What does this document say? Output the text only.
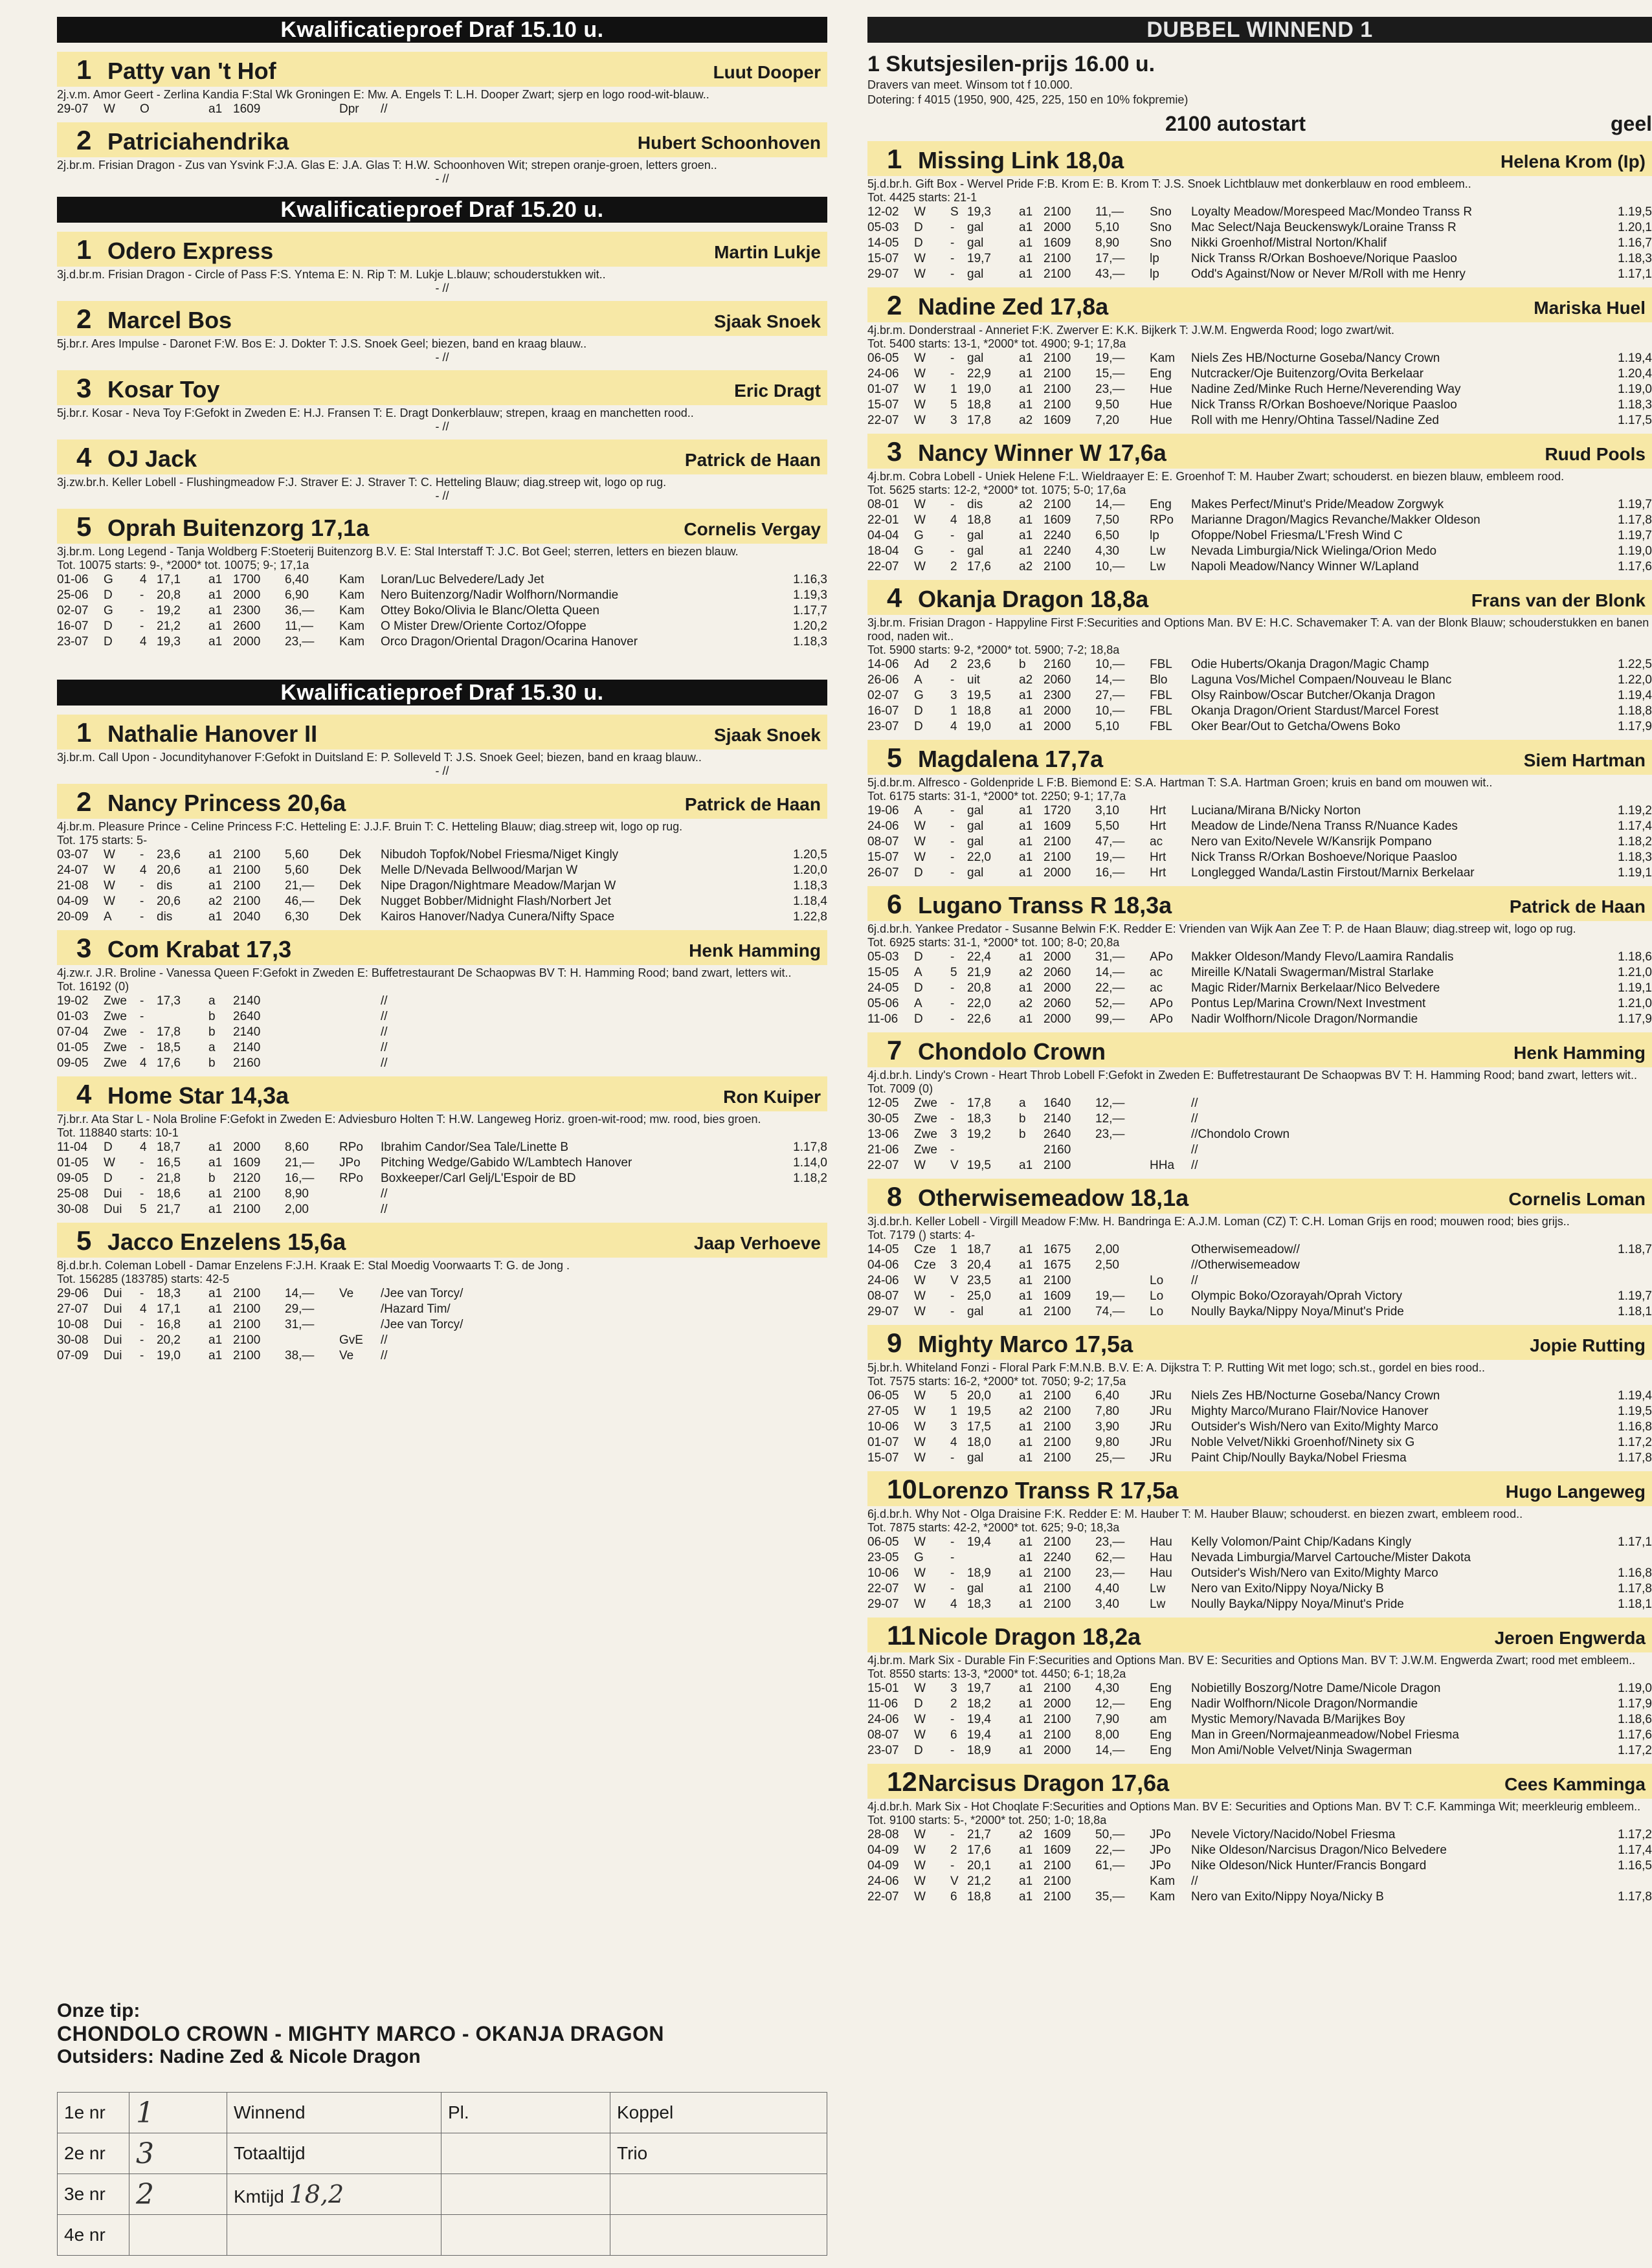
Kwalificatieproef Draf 15.10 u.
1 Patty van 't Hof	Luut Dooper
2j.v.m. Amor Geert - Zerlina Kandia F:Stal Wk Groningen E: Mw. A. Engels T: L.H. Dooper Zwart; sjerp en logo rood-wit-blauw..
29-07	W	O		a1	1609		Dpr	//	
2 Patriciahendrika	Hubert Schoonhoven
2j.br.m. Frisian Dragon - Zus van Ysvink F:J.A. Glas E: J.A. Glas T: H.W. Schoonhoven Wit; strepen oranje-groen, letters groen..
- //
Kwalificatieproef Draf 15.20 u.
1 Odero Express	Martin Lukje
3j.d.br.m. Frisian Dragon - Circle of Pass F:S. Yntema E: N. Rip T: M. Lukje L.blauw; schouderstukken wit..
- //
2 Marcel Bos	Sjaak Snoek
5j.br.r. Ares Impulse - Daronet F:W. Bos E: J. Dokter T: J.S. Snoek Geel; biezen, band en kraag blauw..
- //
3 Kosar Toy	Eric Dragt
5j.br.r. Kosar - Neva Toy F:Gefokt in Zweden E: H.J. Fransen T: E. Dragt Donkerblauw; strepen, kraag en manchetten rood..
- //
4 OJ Jack	Patrick de Haan
3j.zw.br.h. Keller Lobell - Flushingmeadow F:J. Straver E: J. Straver T: C. Hetteling Blauw; diag.streep wit, logo op rug.
- //
5 Oprah Buitenzorg 17,1a	Cornelis Vergay
3j.br.m. Long Legend - Tanja Woldberg F:Stoeterij Buitenzorg B.V. E: Stal Interstaff T: J.C. Bot Geel; sterren, letters en biezen blauw.
Tot. 10075 starts: 9-, *2000* tot. 10075; 9-; 17,1a
01-06	G	4	17,1	a1	1700	6,40	Kam	Loran/Luc Belvedere/Lady Jet	1.16,3
25-06	D	-	20,8	a1	2000	6,90	Kam	Nero Buitenzorg/Nadir Wolfhorn/Normandie	1.19,3
02-07	G	-	19,2	a1	2300	36,—	Kam	Ottey Boko/Olivia le Blanc/Oletta Queen	1.17,7
16-07	D	-	21,2	a1	2600	11,—	Kam	O Mister Drew/Oriente Cortoz/Ofoppe	1.20,2
23-07	D	4	19,3	a1	2000	23,—	Kam	Orco Dragon/Oriental Dragon/Ocarina Hanover	1.18,3
Kwalificatieproef Draf 15.30 u.
1 Nathalie Hanover II	Sjaak Snoek
3j.br.m. Call Upon - Jocundityhanover F:Gefokt in Duitsland E: P. Solleveld T: J.S. Snoek Geel; biezen, band en kraag blauw..
- //
2 Nancy Princess 20,6a	Patrick de Haan
4j.br.m. Pleasure Prince - Celine Princess F:C. Hetteling E: J.J.F. Bruin T: C. Hetteling Blauw; diag.streep wit, logo op rug.
Tot. 175 starts: 5-
03-07	W	-	23,6	a1	2100	5,60	Dek	Nibudoh Topfok/Nobel Friesma/Niget Kingly	1.20,5
24-07	W	4	20,6	a1	2100	5,60	Dek	Melle D/Nevada Bellwood/Marjan W	1.20,0
21-08	W	-	dis	a1	2100	21,—	Dek	Nipe Dragon/Nightmare Meadow/Marjan W	1.18,3
04-09	W	-	20,6	a2	2100	46,—	Dek	Nugget Bobber/Midnight Flash/Norbert Jet	1.18,4
20-09	A	-	dis	a1	2040	6,30	Dek	Kairos Hanover/Nadya Cunera/Nifty Space	1.22,8
3 Com Krabat 17,3	Henk Hamming
4j.zw.r. J.R. Broline - Vanessa Queen F:Gefokt in Zweden E: Buffetrestaurant De Schaopwas BV T: H. Hamming Rood; band zwart, letters wit..
Tot. 16192 (0)
19-02	Zwe	-	17,3	a	2140			//	
01-03	Zwe	-		b	2640			//	
07-04	Zwe	-	17,8	b	2140			//	
01-05	Zwe	-	18,5	a	2140			//	
09-05	Zwe	4	17,6	b	2160			//	
4 Home Star 14,3a	Ron Kuiper
7j.br.r. Ata Star L - Nola Broline F:Gefokt in Zweden E: Adviesburo Holten T: H.W. Langeweg Horiz. groen-wit-rood; mw. rood, bies groen.
Tot. 118840 starts: 10-1
11-04	D	4	18,7	a1	2000	8,60	RPo	Ibrahim Candor/Sea Tale/Linette B	1.17,8
01-05	W	-	16,5	a1	1609	21,—	JPo	Pitching Wedge/Gabido W/Lambtech Hanover	1.14,0
09-05	D	-	21,8	b	2120	16,—	RPo	Boxkeeper/Carl Gelj/L'Espoir de BD	1.18,2
25-08	Dui	-	18,6	a1	2100	8,90		//	
30-08	Dui	5	21,7	a1	2100	2,00		//	
5 Jacco Enzelens 15,6a	Jaap Verhoeve
8j.d.br.h. Coleman Lobell - Damar Enzelens F:J.H. Kraak E: Stal Moedig Voorwaarts T: G. de Jong .
Tot. 156285 (183785) starts: 42-5
29-06	Dui	-	18,3	a1	2100	14,—	Ve	/Jee van Torcy/	
27-07	Dui	4	17,1	a1	2100	29,—		/Hazard Tim/	
10-08	Dui	-	16,8	a1	2100	31,—		/Jee van Torcy/	
30-08	Dui	-	20,2	a1	2100		GvE	//	
07-09	Dui	-	19,0	a1	2100	38,—	Ve	//	
DUBBEL WINNEND 1
1 Skutsjesilen-prijs 16.00 u.
Dravers van meet. Winsom tot f 10.000.
Dotering: f 4015 (1950, 900, 425, 225, 150 en 10% fokpremie)
2100 autostart	geel
1 Missing Link 18,0a	Helena Krom (Ip)
5j.d.br.h. Gift Box - Wervel Pride F:B. Krom E: B. Krom T: J.S. Snoek Lichtblauw met donkerblauw en rood embleem..
Tot. 4425 starts: 21-1
12-02	W	S	19,3	a1	2100	11,—	Sno	Loyalty Meadow/Morespeed Mac/Mondeo Transs R	1.19,5
05-03	D	-	gal	a1	2000	5,10	Sno	Mac Select/Naja Beuckenswyk/Loraine Transs R	1.20,1
14-05	D	-	gal	a1	1609	8,90	Sno	Nikki Groenhof/Mistral Norton/Khalif	1.16,7
15-07	W	-	19,7	a1	2100	17,—	lp	Nick Transs R/Orkan Boshoeve/Norique Paasloo	1.18,3
29-07	W	-	gal	a1	2100	43,—	lp	Odd's Against/Now or Never M/Roll with me Henry	1.17,1
2 Nadine Zed 17,8a	Mariska Huel
4j.br.m. Donderstraal - Anneriet F:K. Zwerver E: K.K. Bijkerk T: J.W.M. Engwerda Rood; logo zwart/wit.
Tot. 5400 starts: 13-1, *2000* tot. 4900; 9-1; 17,8a
06-05	W	-	gal	a1	2100	19,—	Kam	Niels Zes HB/Nocturne Goseba/Nancy Crown	1.19,4
24-06	W	-	22,9	a1	2100	15,—	Eng	Nutcracker/Oje Buitenzorg/Ovita Berkelaar	1.20,4
01-07	W	1	19,0	a1	2100	23,—	Hue	Nadine Zed/Minke Ruch Herne/Neverending Way	1.19,0
15-07	W	5	18,8	a1	2100	9,50	Hue	Nick Transs R/Orkan Boshoeve/Norique Paasloo	1.18,3
22-07	W	3	17,8	a2	1609	7,20	Hue	Roll with me Henry/Ohtina Tassel/Nadine Zed	1.17,5
3 Nancy Winner W 17,6a	Ruud Pools
4j.br.m. Cobra Lobell - Uniek Helene F:L. Wieldraayer E: E. Groenhof T: M. Hauber Zwart; schouderst. en biezen blauw, embleem rood.
Tot. 5625 starts: 12-2, *2000* tot. 1075; 5-0; 17,6a
08-01	W	-	dis	a2	2100	14,—	Eng	Makes Perfect/Minut's Pride/Meadow Zorgwyk	1.19,7
22-01	W	4	18,8	a1	1609	7,50	RPo	Marianne Dragon/Magics Revanche/Makker Oldeson	1.17,8
04-04	G	-	gal	a1	2240	6,50	lp	Ofoppe/Nobel Friesma/L'Fresh Wind C	1.19,7
18-04	G	-	gal	a1	2240	4,30	Lw	Nevada Limburgia/Nick Wielinga/Orion Medo	1.19,0
22-07	W	2	17,6	a2	2100	10,—	Lw	Napoli Meadow/Nancy Winner W/Lapland	1.17,6
4 Okanja Dragon 18,8a	Frans van der Blonk
3j.br.m. Frisian Dragon - Happyline First F:Securities and Options Man. BV E: H.C. Schavemaker T: A. van der Blonk Blauw; schouderstukken en banen rood, naden wit..
Tot. 5900 starts: 9-2, *2000* tot. 5900; 7-2; 18,8a
14-06	Ad	2	23,6	b	2160	10,—	FBL	Odie Huberts/Okanja Dragon/Magic Champ	1.22,5
26-06	A	-	uit	a2	2060	14,—	Blo	Laguna Vos/Michel Compaen/Nouveau le Blanc	1.22,0
02-07	G	3	19,5	a1	2300	27,—	FBL	Olsy Rainbow/Oscar Butcher/Okanja Dragon	1.19,4
16-07	D	1	18,8	a1	2000	10,—	FBL	Okanja Dragon/Orient Stardust/Marcel Forest	1.18,8
23-07	D	4	19,0	a1	2000	5,10	FBL	Oker Bear/Out to Getcha/Owens Boko	1.17,9
5 Magdalena 17,7a	Siem Hartman
5j.d.br.m. Alfresco - Goldenpride L F:B. Biemond E: S.A. Hartman T: S.A. Hartman Groen; kruis en band om mouwen wit..
Tot. 6175 starts: 31-1, *2000* tot. 2250; 9-1; 17,7a
19-06	A	-	gal	a1	1720	3,10	Hrt	Luciana/Mirana B/Nicky Norton	1.19,2
24-06	W	-	gal	a1	1609	5,50	Hrt	Meadow de Linde/Nena Transs R/Nuance Kades	1.17,4
08-07	W	-	gal	a1	2100	47,—	ac	Nero van Exito/Nevele W/Kansrijk Pompano	1.18,2
15-07	W	-	22,0	a1	2100	19,—	Hrt	Nick Transs R/Orkan Boshoeve/Norique Paasloo	1.18,3
26-07	D	-	gal	a1	2000	16,—	Hrt	Longlegged Wanda/Lastin Firstout/Marnix Berkelaar	1.19,1
6 Lugano Transs R 18,3a	Patrick de Haan
6j.d.br.h. Yankee Predator - Susanne Belwin F:K. Redder E: Vrienden van Wijk Aan Zee T: P. de Haan Blauw; diag.streep wit, logo op rug.
Tot. 6925 starts: 31-1, *2000* tot. 100; 8-0; 20,8a
05-03	D	-	22,4	a1	2000	31,—	APo	Makker Oldeson/Mandy Flevo/Laamira Randalis	1.18,6
15-05	A	5	21,9	a2	2060	14,—	ac	Mireille K/Natali Swagerman/Mistral Starlake	1.21,0
24-05	D	-	20,8	a1	2000	22,—	ac	Magic Rider/Marnix Berkelaar/Nico Belvedere	1.19,1
05-06	A	-	22,0	a2	2060	52,—	APo	Pontus Lep/Marina Crown/Next Investment	1.21,0
11-06	D	-	22,6	a1	2000	99,—	APo	Nadir Wolfhorn/Nicole Dragon/Normandie	1.17,9
7 Chondolo Crown	Henk Hamming
4j.d.br.h. Lindy's Crown - Heart Throb Lobell F:Gefokt in Zweden E: Buffetrestaurant De Schaopwas BV T: H. Hamming Rood; band zwart, letters wit..
Tot. 7009 (0)
12-05	Zwe	-	17,8	a	1640	12,—		//	
30-05	Zwe	-	18,3	b	2140	12,—		//	
13-06	Zwe	3	19,2	b	2640	23,—		//Chondolo Crown	
21-06	Zwe	-			2160			//	
22-07	W	V	19,5	a1	2100		HHa	//	
8 Otherwisemeadow 18,1a	Cornelis Loman
3j.d.br.h. Keller Lobell - Virgill Meadow F:Mw. H. Bandringa E: A.J.M. Loman (CZ) T: C.H. Loman Grijs en rood; mouwen rood; bies grijs..
Tot. 7179 () starts: 4-
14-05	Cze	1	18,7	a1	1675	2,00		Otherwisemeadow//	1.18,7
04-06	Cze	3	20,4	a1	1675	2,50		//Otherwisemeadow	
24-06	W	V	23,5	a1	2100		Lo	//	
08-07	W	-	25,0	a1	1609	19,—	Lo	Olympic Boko/Ozorayah/Oprah Victory	1.19,7
29-07	W	-	gal	a1	2100	74,—	Lo	Noully Bayka/Nippy Noya/Minut's Pride	1.18,1
9 Mighty Marco 17,5a	Jopie Rutting
5j.br.h. Whiteland Fonzi - Floral Park F:M.N.B. B.V. E: A. Dijkstra T: P. Rutting Wit met logo; sch.st., gordel en bies rood..
Tot. 7575 starts: 16-2, *2000* tot. 7050; 9-2; 17,5a
06-05	W	5	20,0	a1	2100	6,40	JRu	Niels Zes HB/Nocturne Goseba/Nancy Crown	1.19,4
27-05	W	1	19,5	a2	2100	7,80	JRu	Mighty Marco/Murano Flair/Novice Hanover	1.19,5
10-06	W	3	17,5	a1	2100	3,90	JRu	Outsider's Wish/Nero van Exito/Mighty Marco	1.16,8
01-07	W	4	18,0	a1	2100	9,80	JRu	Noble Velvet/Nikki Groenhof/Ninety six G	1.17,2
15-07	W	-	gal	a1	2100	25,—	JRu	Paint Chip/Noully Bayka/Nobel Friesma	1.17,8
10 Lorenzo Transs R 17,5a	Hugo Langeweg
6j.d.br.h. Why Not - Olga Draisine F:K. Redder E: M. Hauber T: M. Hauber Blauw; schouderst. en biezen zwart, embleem rood..
Tot. 7875 starts: 42-2, *2000* tot. 625; 9-0; 18,3a
06-05	W	-	19,4	a1	2100	23,—	Hau	Kelly Volomon/Paint Chip/Kadans Kingly	1.17,1
23-05	G	-		a1	2240	62,—	Hau	Nevada Limburgia/Marvel Cartouche/Mister Dakota	
10-06	W	-	18,9	a1	2100	23,—	Hau	Outsider's Wish/Nero van Exito/Mighty Marco	1.16,8
22-07	W	-	gal	a1	2100	4,40	Lw	Nero van Exito/Nippy Noya/Nicky B	1.17,8
29-07	W	4	18,3	a1	2100	3,40	Lw	Noully Bayka/Nippy Noya/Minut's Pride	1.18,1
11 Nicole Dragon 18,2a	Jeroen Engwerda
4j.br.m. Mark Six - Durable Fin F:Securities and Options Man. BV E: Securities and Options Man. BV T: J.W.M. Engwerda Zwart; rood met embleem..
Tot. 8550 starts: 13-3, *2000* tot. 4450; 6-1; 18,2a
15-01	W	3	19,7	a1	2100	4,30	Eng	Nobietilly Boszorg/Notre Dame/Nicole Dragon	1.19,0
11-06	D	2	18,2	a1	2000	12,—	Eng	Nadir Wolfhorn/Nicole Dragon/Normandie	1.17,9
24-06	W	-	19,4	a1	2100	7,90	am	Mystic Memory/Navada B/Marijkes Boy	1.18,6
08-07	W	6	19,4	a1	2100	8,00	Eng	Man in Green/Normajeanmeadow/Nobel Friesma	1.17,6
23-07	D	-	18,9	a1	2000	14,—	Eng	Mon Ami/Noble Velvet/Ninja Swagerman	1.17,2
12 Narcisus Dragon 17,6a	Cees Kamminga
4j.d.br.h. Mark Six - Hot Choqlate F:Securities and Options Man. BV E: Securities and Options Man. BV T: C.F. Kamminga Wit; meerkleurig embleem..
Tot. 9100 starts: 5-, *2000* tot. 250; 1-0; 18,8a
28-08	W	-	21,7	a2	1609	50,—	JPo	Nevele Victory/Nacido/Nobel Friesma	1.17,2
04-09	W	2	17,6	a1	1609	22,—	JPo	Nike Oldeson/Narcisus Dragon/Nico Belvedere	1.17,4
04-09	W	-	20,1	a1	2100	61,—	JPo	Nike Oldeson/Nick Hunter/Francis Bongard	1.16,5
24-06	W	V	21,2	a1	2100		Kam	//	
22-07	W	6	18,8	a1	2100	35,—	Kam	Nero van Exito/Nippy Noya/Nicky B	1.17,8
Onze tip:
CHONDOLO CROWN - MIGHTY MARCO - OKANJA DRAGON
Outsiders: Nadine Zed & Nicole Dragon
1e nr	1	Winnend	Pl.	Koppel
2e nr	3	Totaaltijd		Trio
3e nr	2	Kmtijd 18,2		
4e nr				
